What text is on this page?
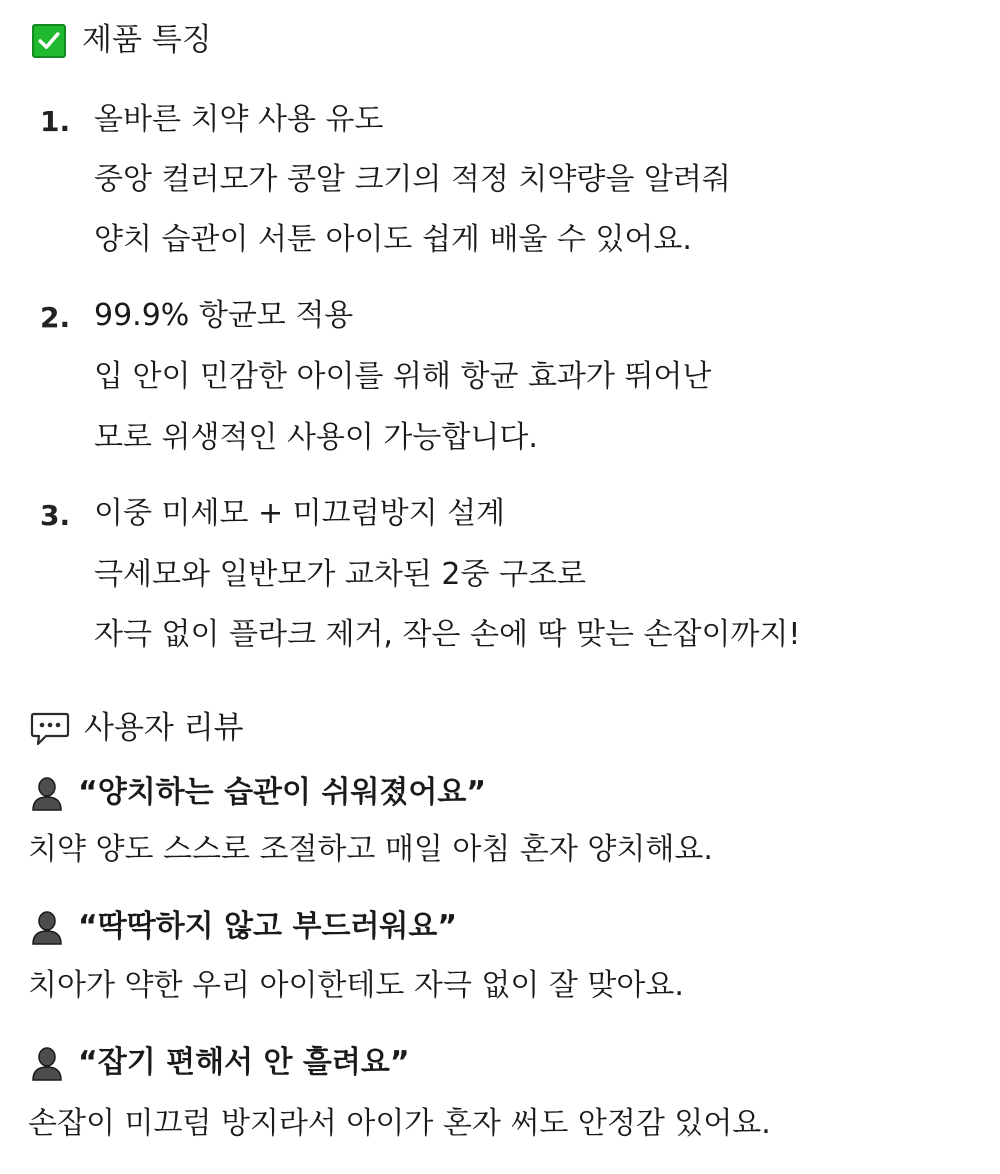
제품 특징
1. 올바른 치약 사용 유도
중앙 컬러모가 콩알 크기의 적정 치약량을 알려줘
양치 습관이 서툰 아이도 쉽게 배울 수 있어요.
2. 99.9% 항균모 적용
입 안이 민감한 아이를 위해 항균 효과가 뛰어난
모로 위생적인 사용이 가능합니다.
3. 이중 미세모 + 미끄럼방지 설계
극세모와 일반모가 교차된 2중 구조로
자극 없이 플라크 제거, 작은 손에 딱 맞는 손잡이까지!
사용자 리뷰
“양치하는 습관이 쉬워졌어요”
치약 양도 스스로 조절하고 매일 아침 혼자 양치해요.
“딱딱하지 않고 부드러워요”
치아가 약한 우리 아이한테도 자극 없이 잘 맞아요.
“잡기 편해서 안 흘려요”
손잡이 미끄럼 방지라서 아이가 혼자 써도 안정감 있어요.
